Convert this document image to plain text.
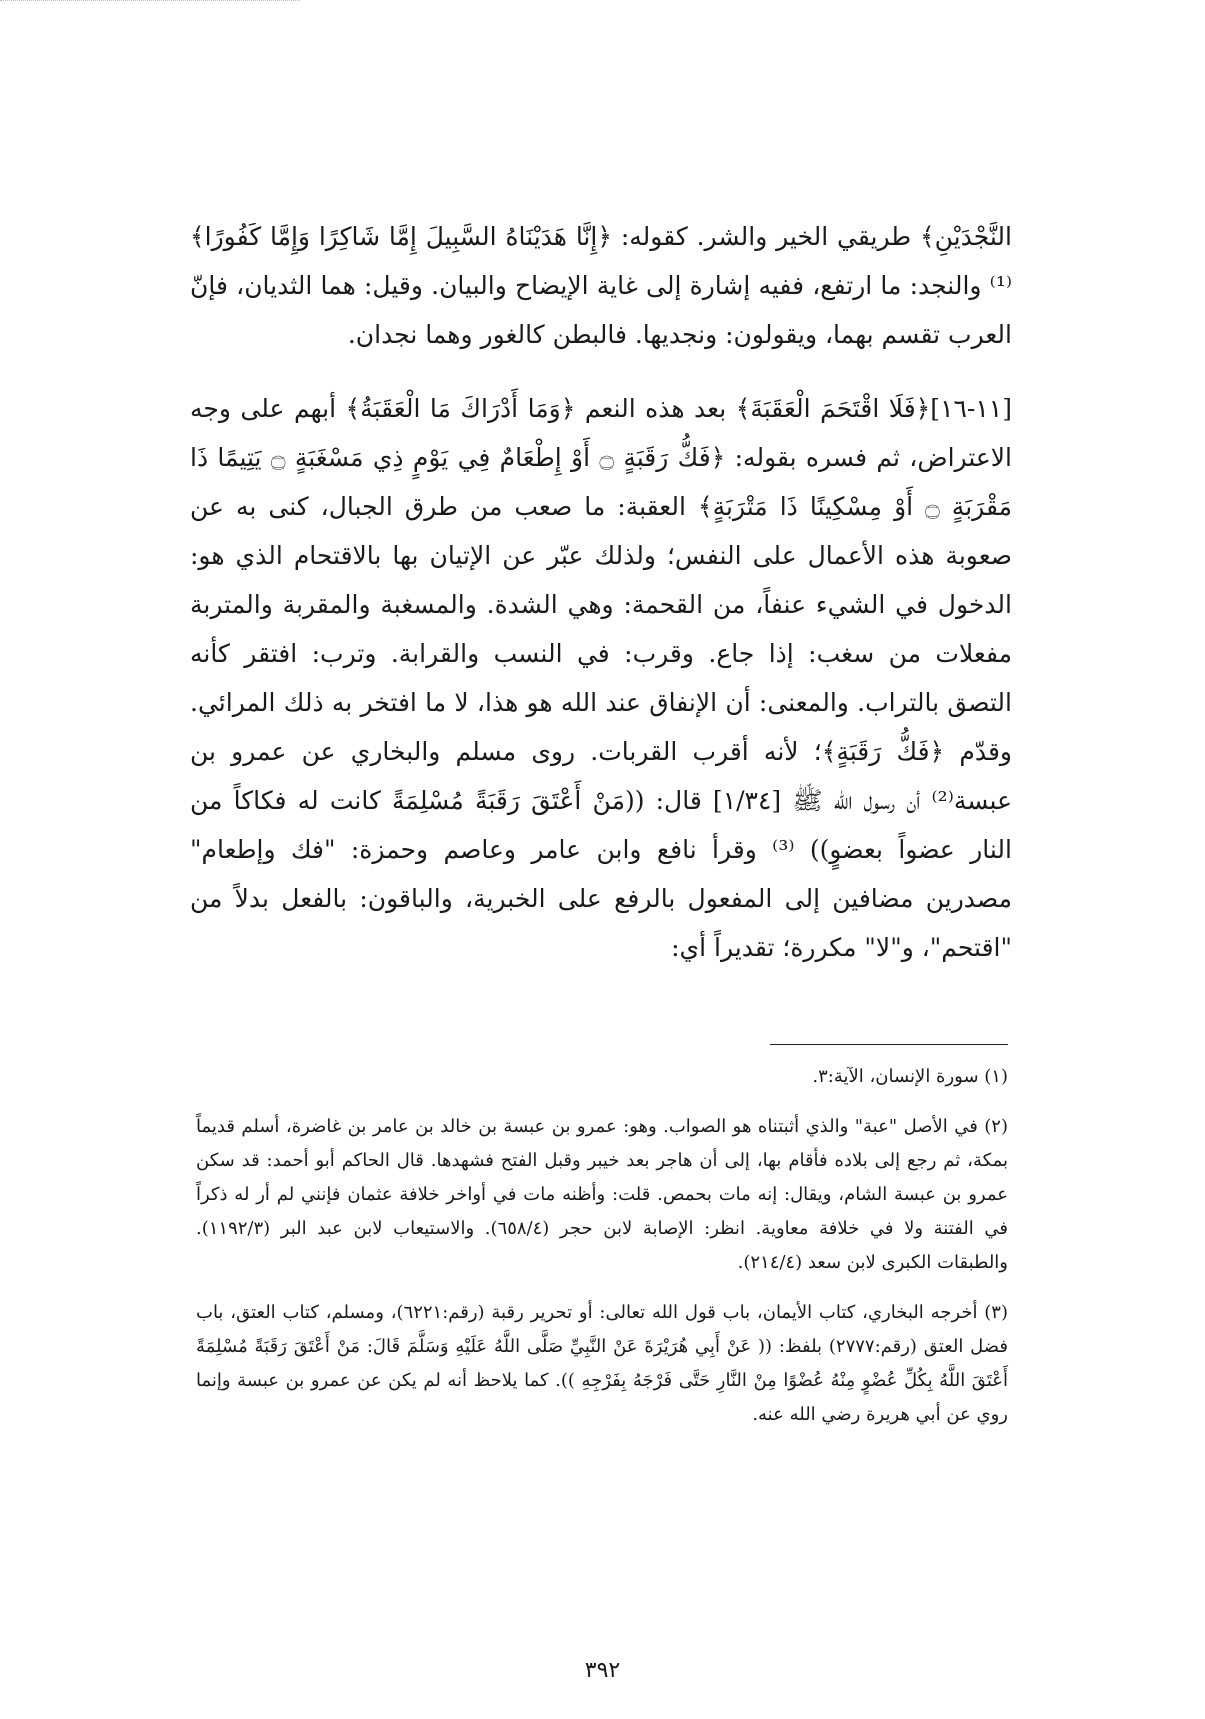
النَّجْدَيْنِ﴾ طريقي الخير والشر. كقوله: ﴿إِنَّا هَدَيْنَاهُ السَّبِيلَ إِمَّا شَاكِرًا وَإِمَّا كَفُورًا﴾⁽¹⁾ والنجد: ما ارتفع، ففيه إشارة إلى غاية الإيضاح والبيان. وقيل: هما الثديان، فإنّ العرب تقسم بهما، ويقولون: ونجديها. فالبطن كالغور وهما نجدان.

[١١-١٦]﴿فَلَا اقْتَحَمَ الْعَقَبَةَ﴾ بعد هذه النعم ﴿وَمَا أَدْرَاكَ مَا الْعَقَبَةُ﴾ أبهم على وجه الاعتراض، ثم فسره بقوله: ﴿فَكُّ رَقَبَةٍ ۝ أَوْ إِطْعَامٌ فِي يَوْمٍ ذِي مَسْغَبَةٍ ۝ يَتِيمًا ذَا مَقْرَبَةٍ ۝ أَوْ مِسْكِينًا ذَا مَتْرَبَةٍ﴾ العقبة: ما صعب من طرق الجبال، كنى به عن صعوبة هذه الأعمال على النفس؛ ولذلك عبّر عن الإتيان بها بالاقتحام الذي هو: الدخول في الشيء عنفاً، من القحمة: وهي الشدة. والمسغبة والمقربة والمتربة مفعلات من سغب: إذا جاع. وقرب: في النسب والقرابة. وترب: افتقر كأنه التصق بالتراب. والمعنى: أن الإنفاق عند الله هو هذا، لا ما افتخر به ذلك المرائي. وقدّم ﴿فَكُّ رَقَبَةٍ﴾؛ لأنه أقرب القربات. روى مسلم والبخاري عن عمرو بن عبسة⁽²⁾ أن رسول الله ﷺ [١/٣٤] قال: ((مَنْ أَعْتَقَ رَقَبَةً مُسْلِمَةً كانت له فكاكاً من النار عضواً بعضوٍ)) ⁽³⁾ وقرأ نافع وابن عامر وعاصم وحمزة: "فك وإطعام" مصدرين مضافين إلى المفعول بالرفع على الخبرية، والباقون: بالفعل بدلاً من "اقتحم"، و"لا" مكررة؛ تقديراً أي:

(١) سورة الإنسان، الآية:٣.

(٢) في الأصل "عبة" والذي أثبتناه هو الصواب. وهو: عمرو بن عبسة بن خالد بن عامر بن غاضرة، أسلم قديماً بمكة، ثم رجع إلى بلاده فأقام بها، إلى أن هاجر بعد خيبر وقبل الفتح فشهدها. قال الحاكم أبو أحمد: قد سكن عمرو بن عبسة الشام، ويقال: إنه مات بحمص. قلت: وأظنه مات في أواخر خلافة عثمان فإنني لم أر له ذكراً في الفتنة ولا في خلافة معاوية. انظر: الإصابة لابن حجر (٦٥٨/٤). والاستيعاب لابن عبد البر (١١٩٢/٣). والطبقات الكبرى لابن سعد (٢١٤/٤).

(٣) أخرجه البخاري، كتاب الأيمان، باب قول الله تعالى: أو تحرير رقبة (رقم:٦٢٢١)، ومسلم، كتاب العتق، باب فضل العتق (رقم:٢٧٧٧) بلفظ: (( عَنْ أَبِي هُرَيْرَةَ عَنْ النَّبِيِّ صَلَّى اللَّهُ عَلَيْهِ وَسَلَّمَ قَالَ: مَنْ أَعْتَقَ رَقَبَةً مُسْلِمَةً أَعْتَقَ اللَّهُ بِكُلِّ عُضْوٍ مِنْهُ عُضْوًا مِنْ النَّارِ حَتَّى فَرْجَهُ بِفَرْجِهِ )). كما يلاحظ أنه لم يكن عن عمرو بن عبسة وإنما روي عن أبي هريرة رضي الله عنه.

٣٩٢
